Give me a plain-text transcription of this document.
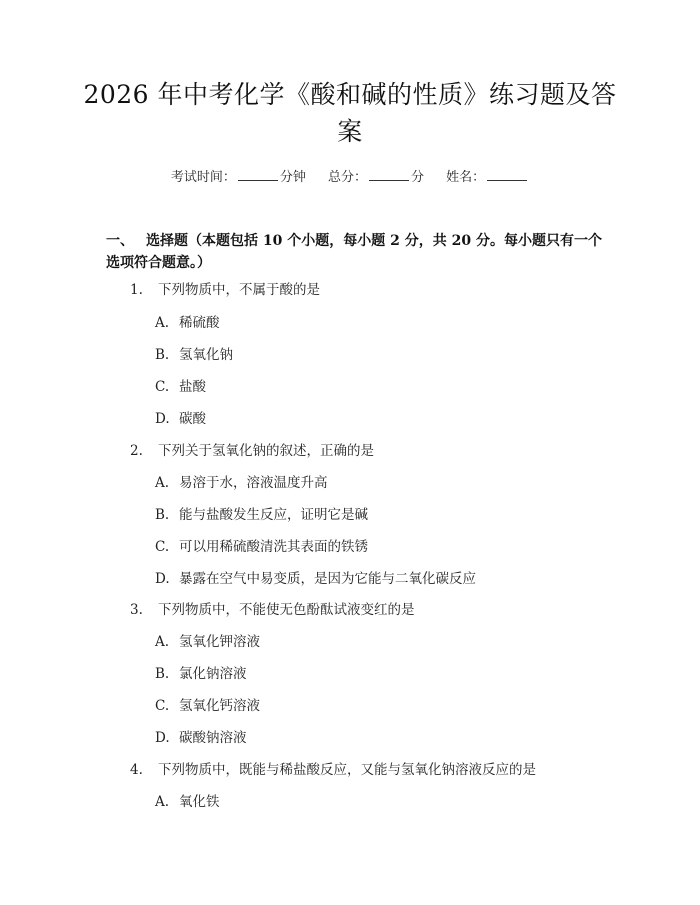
2026 年中考化学《酸和碱的性质》练习题及答案
考试时间：	分钟 总分：	分 姓名：
一、 选择题（本题包括 10 个小题，每小题 2 分，共 20 分。每小题只有一个选项符合题意。）
1. 下列物质中，不属于酸的是
A. 稀硫酸
B. 氢氧化钠
C. 盐酸
D. 碳酸
2. 下列关于氢氧化钠的叙述，正确的是
A. 易溶于水，溶液温度升高
B. 能与盐酸发生反应，证明它是碱
C. 可以用稀硫酸清洗其表面的铁锈
D. 暴露在空气中易变质，是因为它能与二氧化碳反应
3. 下列物质中，不能使无色酚酞试液变红的是
A. 氢氧化钾溶液
B. 氯化钠溶液
C. 氢氧化钙溶液
D. 碳酸钠溶液
4. 下列物质中，既能与稀盐酸反应，又能与氢氧化钠溶液反应的是
A. 氧化铁
